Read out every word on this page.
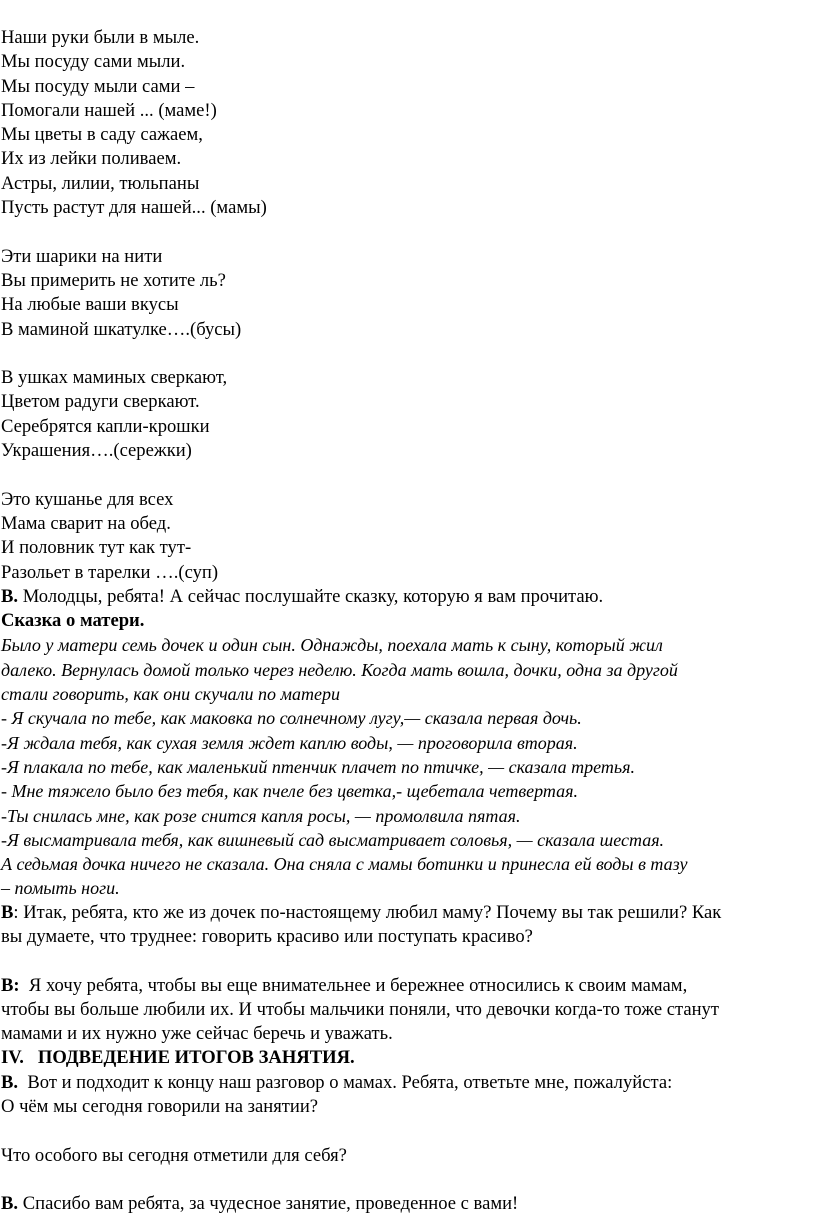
Наши руки были в мыле.
Мы посуду сами мыли.
Мы посуду мыли сами –
Помогали нашей ... (маме!)
Мы цветы в саду сажаем,
Их из лейки поливаем.
Астры, лилии, тюльпаны
Пусть растут для нашей... (мамы)
Эти шарики на нити
Вы примерить не хотите ль?
На любые ваши вкусы
В маминой шкатулке….(бусы)
В ушках маминых сверкают,
Цветом радуги сверкают.
Серебрятся капли-крошки
Украшения….(сережки)
Это кушанье для всех
Мама сварит на обед.
И половник тут как тут-
Разольет в тарелки ….(суп)
В. Молодцы, ребята! А сейчас послушайте сказку, которую я вам прочитаю.
Сказка о матери.
Было у матери семь дочек и один сын. Однажды, поехала мать к сыну, который жил
далеко. Вернулась домой только через неделю. Когда мать вошла, дочки, одна за другой
стали говорить, как они скучали по матери
- Я скучала по тебе, как маковка по солнечному лугу,— сказала первая дочь.
-Я ждала тебя, как сухая земля ждет каплю воды, — проговорила вторая.
-Я плакала по тебе, как маленький птенчик плачет по птичке, — сказала третья.
- Мне тяжело было без тебя, как пчеле без цветка,- щебетала четвертая.
-Ты снилась мне, как розе снится капля росы, — промолвила пятая.
-Я высматривала тебя, как вишневый сад высматривает соловья, — сказала шестая.
А седьмая дочка ничего не сказала. Она сняла с мамы ботинки и принесла ей воды в тазу
– помыть ноги.
В: Итак, ребята, кто же из дочек по-настоящему любил маму? Почему вы так решили? Как
вы думаете, что труднее: говорить красиво или поступать красиво?
В:  Я хочу ребята, чтобы вы еще внимательнее и бережнее относились к своим мамам,
чтобы вы больше любили их. И чтобы мальчики поняли, что девочки когда-то тоже станут
мамами и их нужно уже сейчас беречь и уважать.
IV.   ПОДВЕДЕНИЕ ИТОГОВ ЗАНЯТИЯ.
В.  Вот и подходит к концу наш разговор о мамах. Ребята, ответьте мне, пожалуйста:
О чём мы сегодня говорили на занятии?
Что особого вы сегодня отметили для себя?
В. Спасибо вам ребята, за чудесное занятие, проведенное с вами!
